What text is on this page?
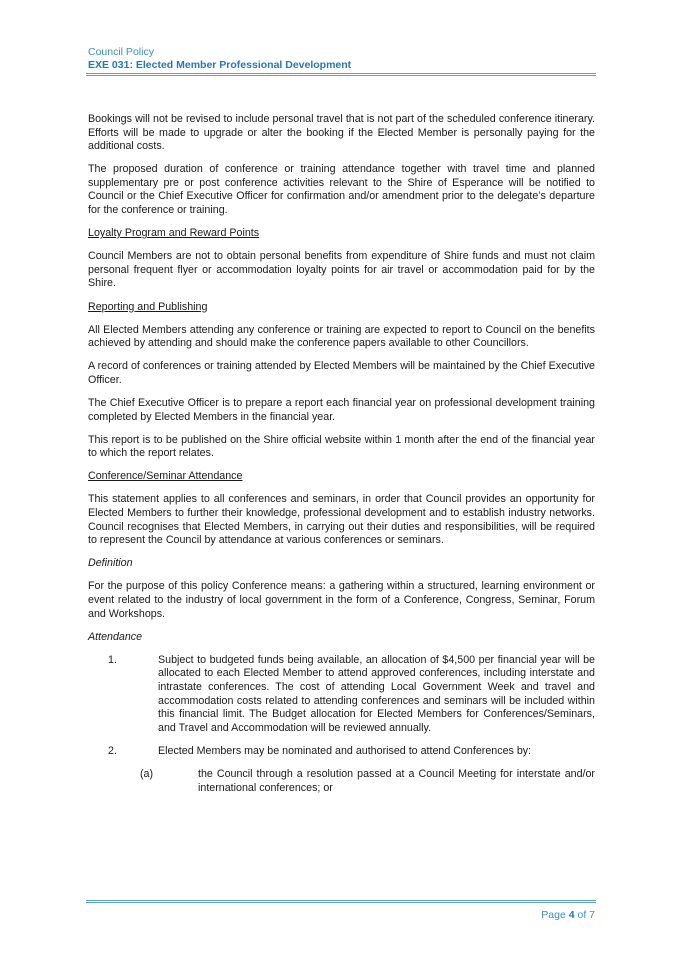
Council Policy
EXE 031: Elected Member Professional Development

Bookings will not be revised to include personal travel that is not part of the scheduled conference itinerary. Efforts will be made to upgrade or alter the booking if the Elected Member is personally paying for the additional costs.

The proposed duration of conference or training attendance together with travel time and planned supplementary pre or post conference activities relevant to the Shire of Esperance will be notified to Council or the Chief Executive Officer for confirmation and/or amendment prior to the delegate’s departure for the conference or training.

Loyalty Program and Reward Points

Council Members are not to obtain personal benefits from expenditure of Shire funds and must not claim personal frequent flyer or accommodation loyalty points for air travel or accommodation paid for by the Shire.

Reporting and Publishing

All Elected Members attending any conference or training are expected to report to Council on the benefits achieved by attending and should make the conference papers available to other Councillors.

A record of conferences or training attended by Elected Members will be maintained by the Chief Executive Officer.

The Chief Executive Officer is to prepare a report each financial year on professional development training completed by Elected Members in the financial year.

This report is to be published on the Shire official website within 1 month after the end of the financial year to which the report relates.

Conference/Seminar Attendance

This statement applies to all conferences and seminars, in order that Council provides an opportunity for Elected Members to further their knowledge, professional development and to establish industry networks. Council recognises that Elected Members, in carrying out their duties and responsibilities, will be required to represent the Council by attendance at various conferences or seminars.

Definition

For the purpose of this policy Conference means: a gathering within a structured, learning environment or event related to the industry of local government in the form of a Conference, Congress, Seminar, Forum and Workshops.

Attendance

1.	Subject to budgeted funds being available, an allocation of $4,500 per financial year will be allocated to each Elected Member to attend approved conferences, including interstate and intrastate conferences. The cost of attending Local Government Week and travel and accommodation costs related to attending conferences and seminars will be included within this financial limit. The Budget allocation for Elected Members for Conferences/Seminars, and Travel and Accommodation will be reviewed annually.
2.	Elected Members may be nominated and authorised to attend Conferences by:
(a)	the Council through a resolution passed at a Council Meeting for interstate and/or international conferences; or
Page 4 of 7
